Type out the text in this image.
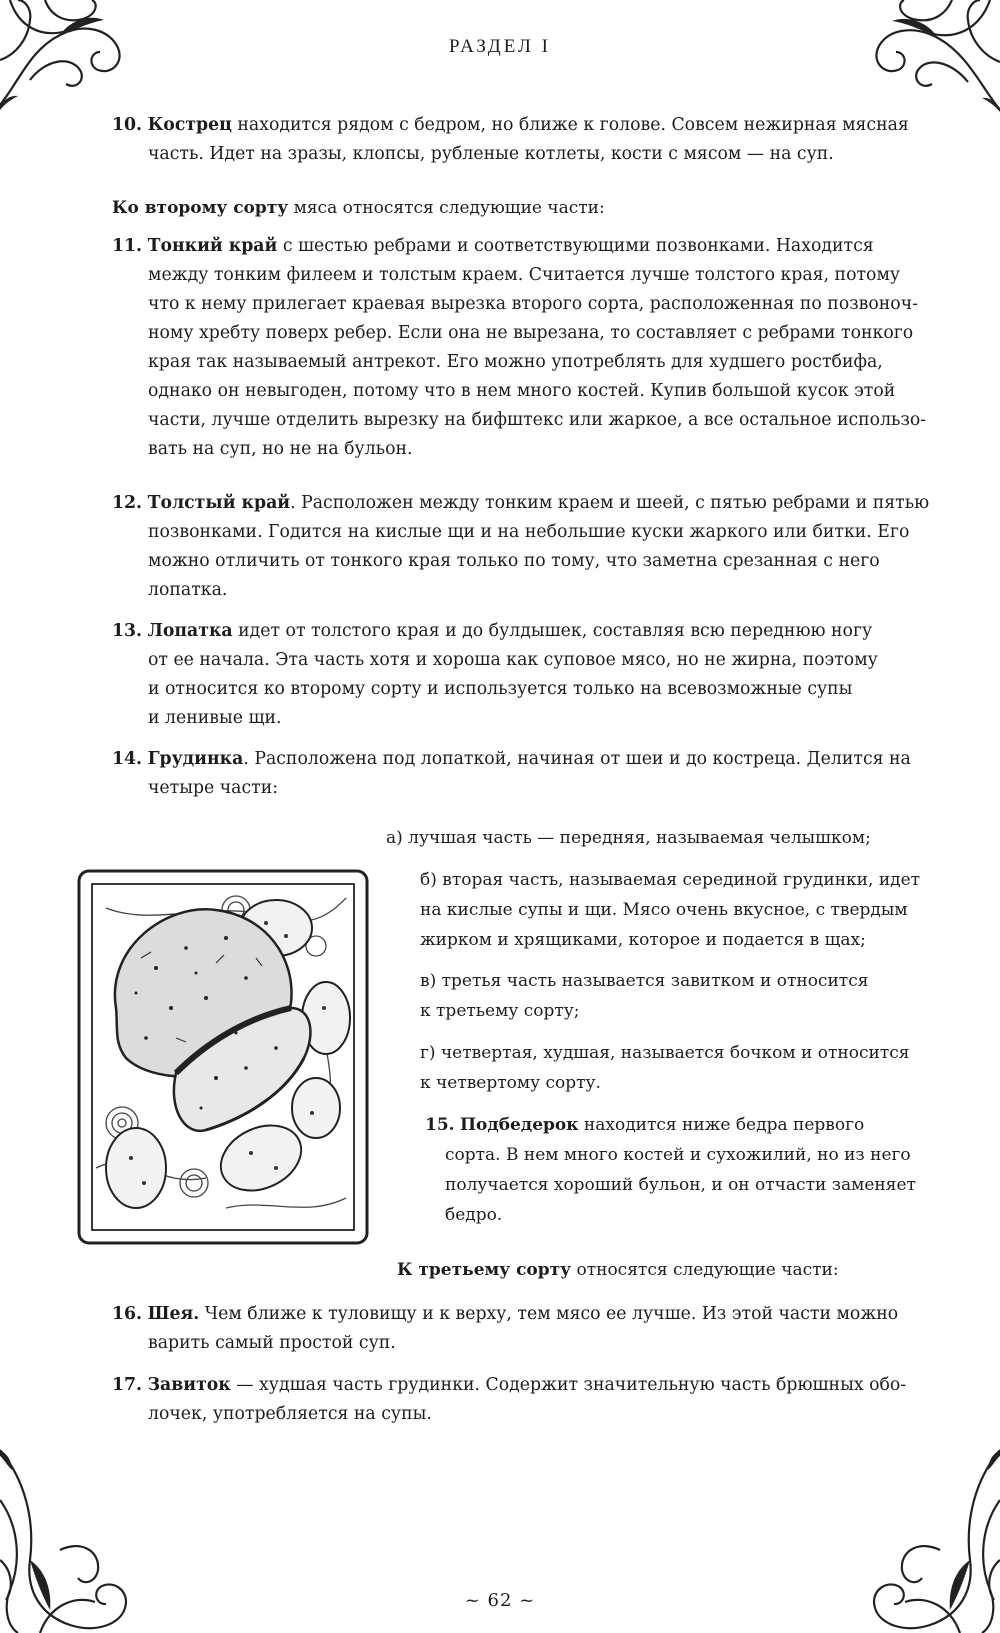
РАЗДЕЛ I
10. Кострец находится рядом с бедром, но ближе к голове. Совсем нежирная мясная
часть. Идет на зразы, клопсы, рубленые котлеты, кости с мясом — на суп.
Ко второму сорту мяса относятся следующие части:
11. Тонкий край с шестью ребрами и соответствующими позвонками. Находится
между тонким филеем и толстым краем. Считается лучше толстого края, потому
что к нему прилегает краевая вырезка второго сорта, расположенная по позвоноч-
ному хребту поверх ребер. Если она не вырезана, то составляет с ребрами тонкого
края так называемый антрекот. Его можно употреблять для худшего ростбифа,
однако он невыгоден, потому что в нем много костей. Купив большой кусок этой
части, лучше отделить вырезку на бифштекс или жаркое, а все остальное использо-
вать на суп, но не на бульон.
12. Толстый край. Расположен между тонким краем и шеей, с пятью ребрами и пятью
позвонками. Годится на кислые щи и на небольшие куски жаркого или битки. Его
можно отличить от тонкого края только по тому, что заметна срезанная с него
лопатка.
13. Лопатка идет от толстого края и до булдышек, составляя всю переднюю ногу
от ее начала. Эта часть хотя и хороша как суповое мясо, но не жирна, поэтому
и относится ко второму сорту и используется только на всевозможные супы
и ленивые щи.
14. Грудинка. Расположена под лопаткой, начиная от шеи и до костреца. Делится на
четыре части:
а) лучшая часть — передняя, называемая челышком;
б) вторая часть, называемая серединой грудинки, идет
на кислые супы и щи. Мясо очень вкусное, с твердым
жирком и хрящиками, которое и подается в щах;
в) третья часть называется завитком и относится
к третьему сорту;
г) четвертая, худшая, называется бочком и относится
к четвертому сорту.
15. Подбедерок находится ниже бедра первого
сорта. В нем много костей и сухожилий, но из него
получается хороший бульон, и он отчасти заменяет
бедро.
К третьему сорту относятся следующие части:
16. Шея. Чем ближе к туловищу и к верху, тем мясо ее лучше. Из этой части можно
варить самый простой суп.
17. Завиток — худшая часть грудинки. Содержит значительную часть брюшных обо-
лочек, употребляется на супы.
~ 62 ~
